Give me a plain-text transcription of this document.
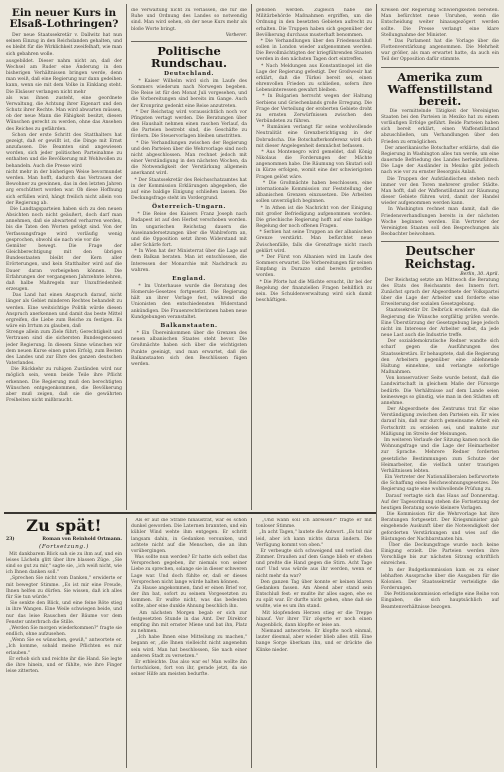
Ein neuer Kurs in Elsaß-Lothringen?

Der neue Staatssekretär v. Dallwitz hat nun seinen Einzug in den Reichslanden gehalten, und es bleibt für die Wirklichkeit zweifelhaft, wie man sich gebahren wolle.

ausgebildet. Dieser nahm nicht an, daß der Wechsel am Ruder eine Änderung in den bisherigen Verhältnissen bringen werde, denn man weiß, daß eine Regierung nur dann gedeihen kann, wenn sie mit dem Volke in Einklang steht. Die Elsässer verlangen nicht mehr
als was ihnen zusteht, eine geordnete Verwaltung, die Achtung ihrer Eigenart und den Schutz ihrer Rechte. Man wird abwarten müssen, ob der neue Mann die Fähigkeit besitzt, diesen Wünschen gerecht zu werden, ohne das Ansehen des Reiches zu gefährden.
Schon der erste Schritt des Statthalters hat gezeigt, daß er gewillt ist, die Dinge mit Ernst anzufassen. Die Beamten sind angewiesen worden, sich jeder politischen Parteinahme zu enthalten und die Bevölkerung mit Wohlwollen zu behandeln. Auch die Presse wird
nicht mehr in der bisherigen Weise bevormundet werden. Man hofft, dadurch das Vertrauen der Bewohner zu gewinnen, das in den letzten Jahren arg erschüttert worden war. Ob diese Hoffnung sich erfüllen wird, hängt freilich nicht allein von der Regierung ab.
Die Landtagsparteien haben sich zu den neuen Absichten noch nicht geäußert, doch darf man annehmen, daß sie abwartend verharren werden, bis die Taten den Worten gefolgt sind. Von der Verfassungsfrage wird vorläufig wenig gesprochen, obwohl sie nach wie vor die
Gemüter bewegt. Die Frage der Gleichberechtigung mit den übrigen Bundesstaaten bleibt der Kern aller Erörterungen, und kein Statthalter wird auf die Dauer daran vorbeigehen können. Die Erfahrungen der vergangenen Jahrzehnte lehren, daß halbe Maßregeln nur Unzufriedenheit erzeugen.
Das Land hat einen Anspruch darauf, nicht länger als Gebiet minderen Rechtes behandelt zu werden. Eine weitsichtige Politik würde diesen Anspruch anerkennen und damit das beste Mittel ergreifen, die Liebe zum Reiche zu festigen. Es wäre ein Irrtum zu glauben, daß
Strenge allein zum Ziele führt; Gerechtigkeit und Vertrauen sind die sichersten Bundesgenossen jeder Regierung. In diesem Sinne wünschen wir dem neuen Kurse einen guten Erfolg, zum Besten des Landes und zur Ehre des ganzen deutschen Vaterlandes.
Die Rückkehr zu ruhigen Zuständen wird nur möglich sein, wenn beide Teile ihre Pflicht erkennen. Die Regierung muß den berechtigten Wünschen entgegenkommen, die Bevölkerung aber muß zeigen, daß sie die gewährten Freiheiten nicht mißbraucht.
die Verwaltung nicht zu verlassen, die für die Ruhe und Ordnung des Landes so notwendig sind. Man wird sehen, ob der neue Kurs mehr als bloße Worte bringt.
Vorberer.
Politische Rundschau.
Deutschland.
* Kaiser Wilhelm wird sich im Laufe des Sommers wiederum nach Norwegen begeben. Die Reise ist für den Monat Juli vorgesehen, und die Vorbereitungen sind bereits im Gange. Auch der Kronprinz gedenkt eine Reise anzutreten.
* Der Reichstag wird voraussichtlich noch vor Pfingsten vertagt werden. Die Beratungen über den Haushalt nehmen einen raschen Verlauf, da die Parteien bestrebt sind, die Geschäfte zu fördern. Die Steuervorlagen bleiben umstritten.
* Die Verhandlungen zwischen der Regierung und den Parteien über die Wehrvorlage sind noch nicht abgeschlossen. Man rechnet jedoch mit einer Verständigung in den nächsten Wochen, da die Notwendigkeit der Verstärkung allgemein anerkannt wird.
* Der Staatssekretär des Reichsschatzamtes hat in der Kommission Erklärungen abgegeben, die auf eine baldige Einigung schließen lassen. Die Deckungsfrage steht im Vordergrund.
Österreich-Ungarn.
* Die Reise des Kaisers Franz Joseph nach Budapest ist auf den Herbst verschoben worden. Im ungarischen Reichstag dauern die Auseinandersetzungen über die Wahlreform an, und die Opposition setzt ihren Widerstand mit aller Schärfe fort.
* In Wien hat der Ministerrat über die Lage auf dem Balkan beraten. Man ist entschlossen, die Interessen der Monarchie mit Nachdruck zu wahren.
England.
* Im Unterhause wurde die Beratung des Homerule-Gesetzes fortgesetzt. Die Regierung hält an ihrer Vorlage fest, während die Unionisten den entschiedensten Widerstand ankündigen. Die Frauenrechtlerinnen haben neue Kundgebungen veranstaltet.
Balkanstaaten.
* Ein Übereinkommen über die Grenzen des neuen albanischen Staates steht bevor. Die Großmächte haben sich über die wichtigsten Punkte geeinigt, und man erwartet, daß die Balkanstaaten sich den Beschlüssen fügen werden.
gehoben werden. Zugleich habe die Militärbehörde Maßnahmen ergriffen, um die Ordnung in den besetzten Gebieten aufrecht zu erhalten. Die Truppen haben sich gegenüber der Bevölkerung durchaus musterhaft benommen.
* Die Verhandlungen über den Friedensschluß sollen in London wieder aufgenommen werden. Die Bevollmächtigten der kriegführenden Staaten werden in den nächsten Tagen dort eintreffen.
* Nach Meldungen aus Konstantinopel ist die Lage der Regierung gefestigt. Der Großwesir hat erklärt, daß die Türkei bereit sei, einen ehrenvollen Frieden zu schließen, sofern ihre Lebensinteressen gewahrt bleiben.
* In Bulgarien herrscht wegen der Haltung Serbiens und Griechenlands große Erregung. Die Frage der Verteilung der eroberten Gebiete droht zu ernsten Zerwürfnissen zwischen den Verbündeten zu führen.
* Rumänien verlangt für seine wohlwollende Neutralität eine Grenzberichtigung in der Dobrudscha. Die Botschafterkonferenz wird sich mit dieser Angelegenheit demnächst befassen.
* Aus Montenegro wird gemeldet, daß König Nikolaus die Forderungen der Mächte angenommen habe. Die Räumung von Skutari soll in Kürze erfolgen, womit eine der schwierigsten Fragen gelöst wäre.
* Die Großmächte haben beschlossen, eine internationale Kommission zur Feststellung der albanischen Grenzen einzusetzen. Die Arbeiten sollen unverzüglich beginnen.
* In Athen ist die Nachricht von der Einigung mit großer Befriedigung aufgenommen worden. Die griechische Regierung hofft auf eine baldige Regelung der noch offenen Fragen.
* Serbien hat seine Truppen an der albanischen Grenze verstärkt. Man befürchtet neue Zwischenfälle, falls die Grenzfrage nicht rasch geklärt wird.
* Der Fürst von Albanien wird im Laufe des Sommers erwartet. Die Vorbereitungen für seinen Empfang in Durazzo sind bereits getroffen worden.
* Die Pforte hat die Mächte ersucht, ihr bei der Regelung der finanziellen Fragen behilflich zu sein. Die Schuldenverwaltung wird sich damit beschäftigen.
Kreisen der Regierung Schwierigkeiten bereiten. Man befürchtet neue Unruhen, wenn die Entscheidung weiter hinausgezögert werden sollte. Die Presse verlangt eine klare Stellungnahme der Minister.
* Das Parlament hat die Vorlage über die Flottenverstärkung angenommen. Die Mehrheit war größer, als man erwartet hatte, da auch ein Teil der Opposition dafür stimmte.
Amerika zum Waffenstillstand bereit.
Die vermittelnde Tätigkeit der Vereinigten Staaten bei den Parteien in Mexiko hat zu einem vorläufigen Erfolge geführt. Beide Parteien haben sich bereit erklärt, einen Waffenstillstand abzuschließen, um Verhandlungen über den Frieden zu ermöglichen.
Der amerikanische Botschafter erklärte, daß die Regierung in Washington alles tun werde, um eine dauernde Befriedung des Landes herbeizuführen. Die Lage der Ausländer in Mexiko gibt jedoch nach wie vor zu ernster Besorgnis Anlaß.
Die Truppen der Aufständischen stehen noch immer vor den Toren mehrerer großer Städte. Man hofft, daß der Waffenstillstand zur Räumung dieser Gebiete führen wird, damit der Handel wieder aufgenommen werden kann.
In Washington rechnet man damit, daß die Friedensverhandlungen bereits in der nächsten Woche beginnen werden. Ein Vertreter der Vereinigten Staaten soll den Besprechungen als Beobachter beiwohnen.
Deutscher Reichstag.
Berlin, 30. April.
Der Reichstag setzte am Mittwoch die Beratung des Etats des Reichsamts des Innern fort. Zunächst sprach der Abgeordnete der Volkspartei über die Lage der Arbeiter und forderte eine Erweiterung der sozialen Gesetzgebung.
Staatssekretär Dr. Delbrück erwiderte, daß die Regierung die Wünsche sorgfältig prüfen werde. Eine Überstürzung der Gesetzgebung liege jedoch nicht im Interesse der Arbeiter selbst, da jede neue Last auch die Industrie treffe.
Der sozialdemokratische Redner wandte sich scharf gegen die Ausführungen des Staatssekretärs. Er behauptete, daß die Regierung den Arbeitern gegenüber eine ablehnende Haltung einnehme, und verlangte sofortige Maßnahmen.
Von konservativer Seite wurde betont, daß die Landwirtschaft in gleichem Maße der Fürsorge bedürfe. Die Verhältnisse auf dem Lande seien keineswegs so günstig, wie man in den Städten oft annehme.
Der Abgeordnete des Zentrums trat für eine Verständigung zwischen den Parteien ein. Er wies darauf hin, daß nur durch gemeinsame Arbeit ein Fortschritt zu erzielen sei, und mahnte zur Mäßigung im Streite der Meinungen.
Im weiteren Verlaufe der Sitzung kamen noch die Wohnungsfrage und die Lage der Heimarbeiter zur Sprache. Mehrere Redner forderten gesetzliche Bestimmungen zum Schutze der Heimarbeiter, die vielfach unter traurigen Verhältnissen lebten.
Ein Vertreter der Nationalliberalen befürwortete die Schaffung eines Reichswohnungsgesetzes. Die Regierung sagte eine wohlwollende Prüfung zu.
Darauf vertagte sich das Haus auf Donnerstag. Auf der Tagesordnung stehen die Fortsetzung der heutigen Beratung sowie kleinere Vorlagen.
Die Kommission für die Wehrvorlage hat ihre Beratungen fortgesetzt. Der Kriegsminister gab eingehende Auskunft über die Notwendigkeit der geforderten Verstärkungen und wies auf die Rüstungen der Nachbarstaaten hin.
Über die Deckungsfrage wurde noch keine Einigung erzielt. Die Parteien werden ihre Vorschläge bis zur nächsten Sitzung schriftlich einreichen.
In der Budgetkommission kam es zu einer lebhaften Aussprache über die Ausgaben für die Kolonien. Der Staatssekretär verteidigte die Forderungen.
Die Petitionskommission erledigte eine Reihe von Eingaben, die sich hauptsächlich auf Beamtenverhältnisse bezogen.
Zu spät!
23)	Roman von Reinhold Ortmann.
(Fortsetzung.)
Mit dankbarem Blick sah sie zu ihm auf, und ein leises Lächeln glitt über ihre blassen Züge. „Sie sind so gut zu mir," sagte sie, „ich weiß nicht, wie ich Ihnen danken soll."
„Sprechen Sie nicht vom Danken," erwiderte er mit bewegter Stimme. „Es ist mir eine Freude, Ihnen helfen zu dürfen. Sie wissen, daß ich alles für Sie tun würde."
Sie senkte den Blick, und eine feine Röte stieg in ihre Wangen. Eine Weile schwiegen beide, und nur das leise Rauschen der Bäume vor dem Fenster unterbrach die Stille.
„Werden Sie morgen wiederkommen?" fragte sie endlich, ohne aufzusehen.
„Wenn Sie es wünschen, gewiß," antwortete er. „Ich komme, sobald meine Pflichten es mir erlauben."
Er erhob sich und reichte ihr die Hand. Sie legte die ihre hinein, und er fühlte, wie ihre Finger leise zitterten.
Als er auf die Straße hinaustrat, war es schon dunkel geworden. Die Laternen brannten, und ein kühler Wind wehte ihm entgegen. Er schritt langsam dahin, in Gedanken versunken, und achtete nicht auf die Menschen, die an ihm vorübergingen.
Was sollte nun werden? Er hatte sich selbst das Versprechen gegeben, ihr niemals von seiner Liebe zu sprechen, solange sie in dieser schweren Lage war. Und doch fühlte er, daß er dieses Versprechen nicht lange würde halten können.
Zu Hause angekommen, fand er einen Brief vor, der ihn bat, sofort zu seinem Vorgesetzten zu kommen. Er wußte nicht, was das bedeuten sollte, aber eine dunkle Ahnung beschlich ihn.
Am nächsten Morgen begab er sich zur festgesetzten Stunde in das Amt. Der Direktor empfing ihn mit ernster Miene und bat ihn, Platz zu nehmen.
„Ich habe Ihnen eine Mitteilung zu machen," begann er, „die Ihnen vielleicht nicht angenehm sein wird. Man hat beschlossen, Sie nach einer anderen Stadt zu versetzen."
Er erbleichte. Das also war es! Man wollte ihn fortschicken, fort von ihr, gerade jetzt, da sie seiner Hilfe am meisten bedurfte.
„Und wann soll ich abreisen?" fragte er mit tonloser Stimme.
„In acht Tagen," lautete die Antwort. „Es tut mir leid, aber ich kann nichts daran ändern. Die Verfügung kommt von oben."
Er verbeugte sich schweigend und verließ das Zimmer. Draußen auf dem Gange blieb er stehen und preßte die Hand gegen die Stirn. Acht Tage nur! Und was würde aus ihr werden, wenn er nicht mehr da war?
Den ganzen Tag über konnte er keinen klaren Gedanken fassen. Am Abend aber stand sein Entschluß fest: er mußte ihr alles sagen, ehe es zu spät war. Er durfte nicht gehen, ohne daß sie wußte, wie es um ihn stand.
Mit klopfendem Herzen stieg er die Treppe hinauf. Vor ihrer Tür zögerte er noch einen Augenblick, dann klopfte er leise an.
Niemand antwortete. Er klopfte noch einmal, lauter diesmal, aber wieder blieb alles still. Eine bange Sorge überkam ihn, und er drückte die Klinke nieder.
